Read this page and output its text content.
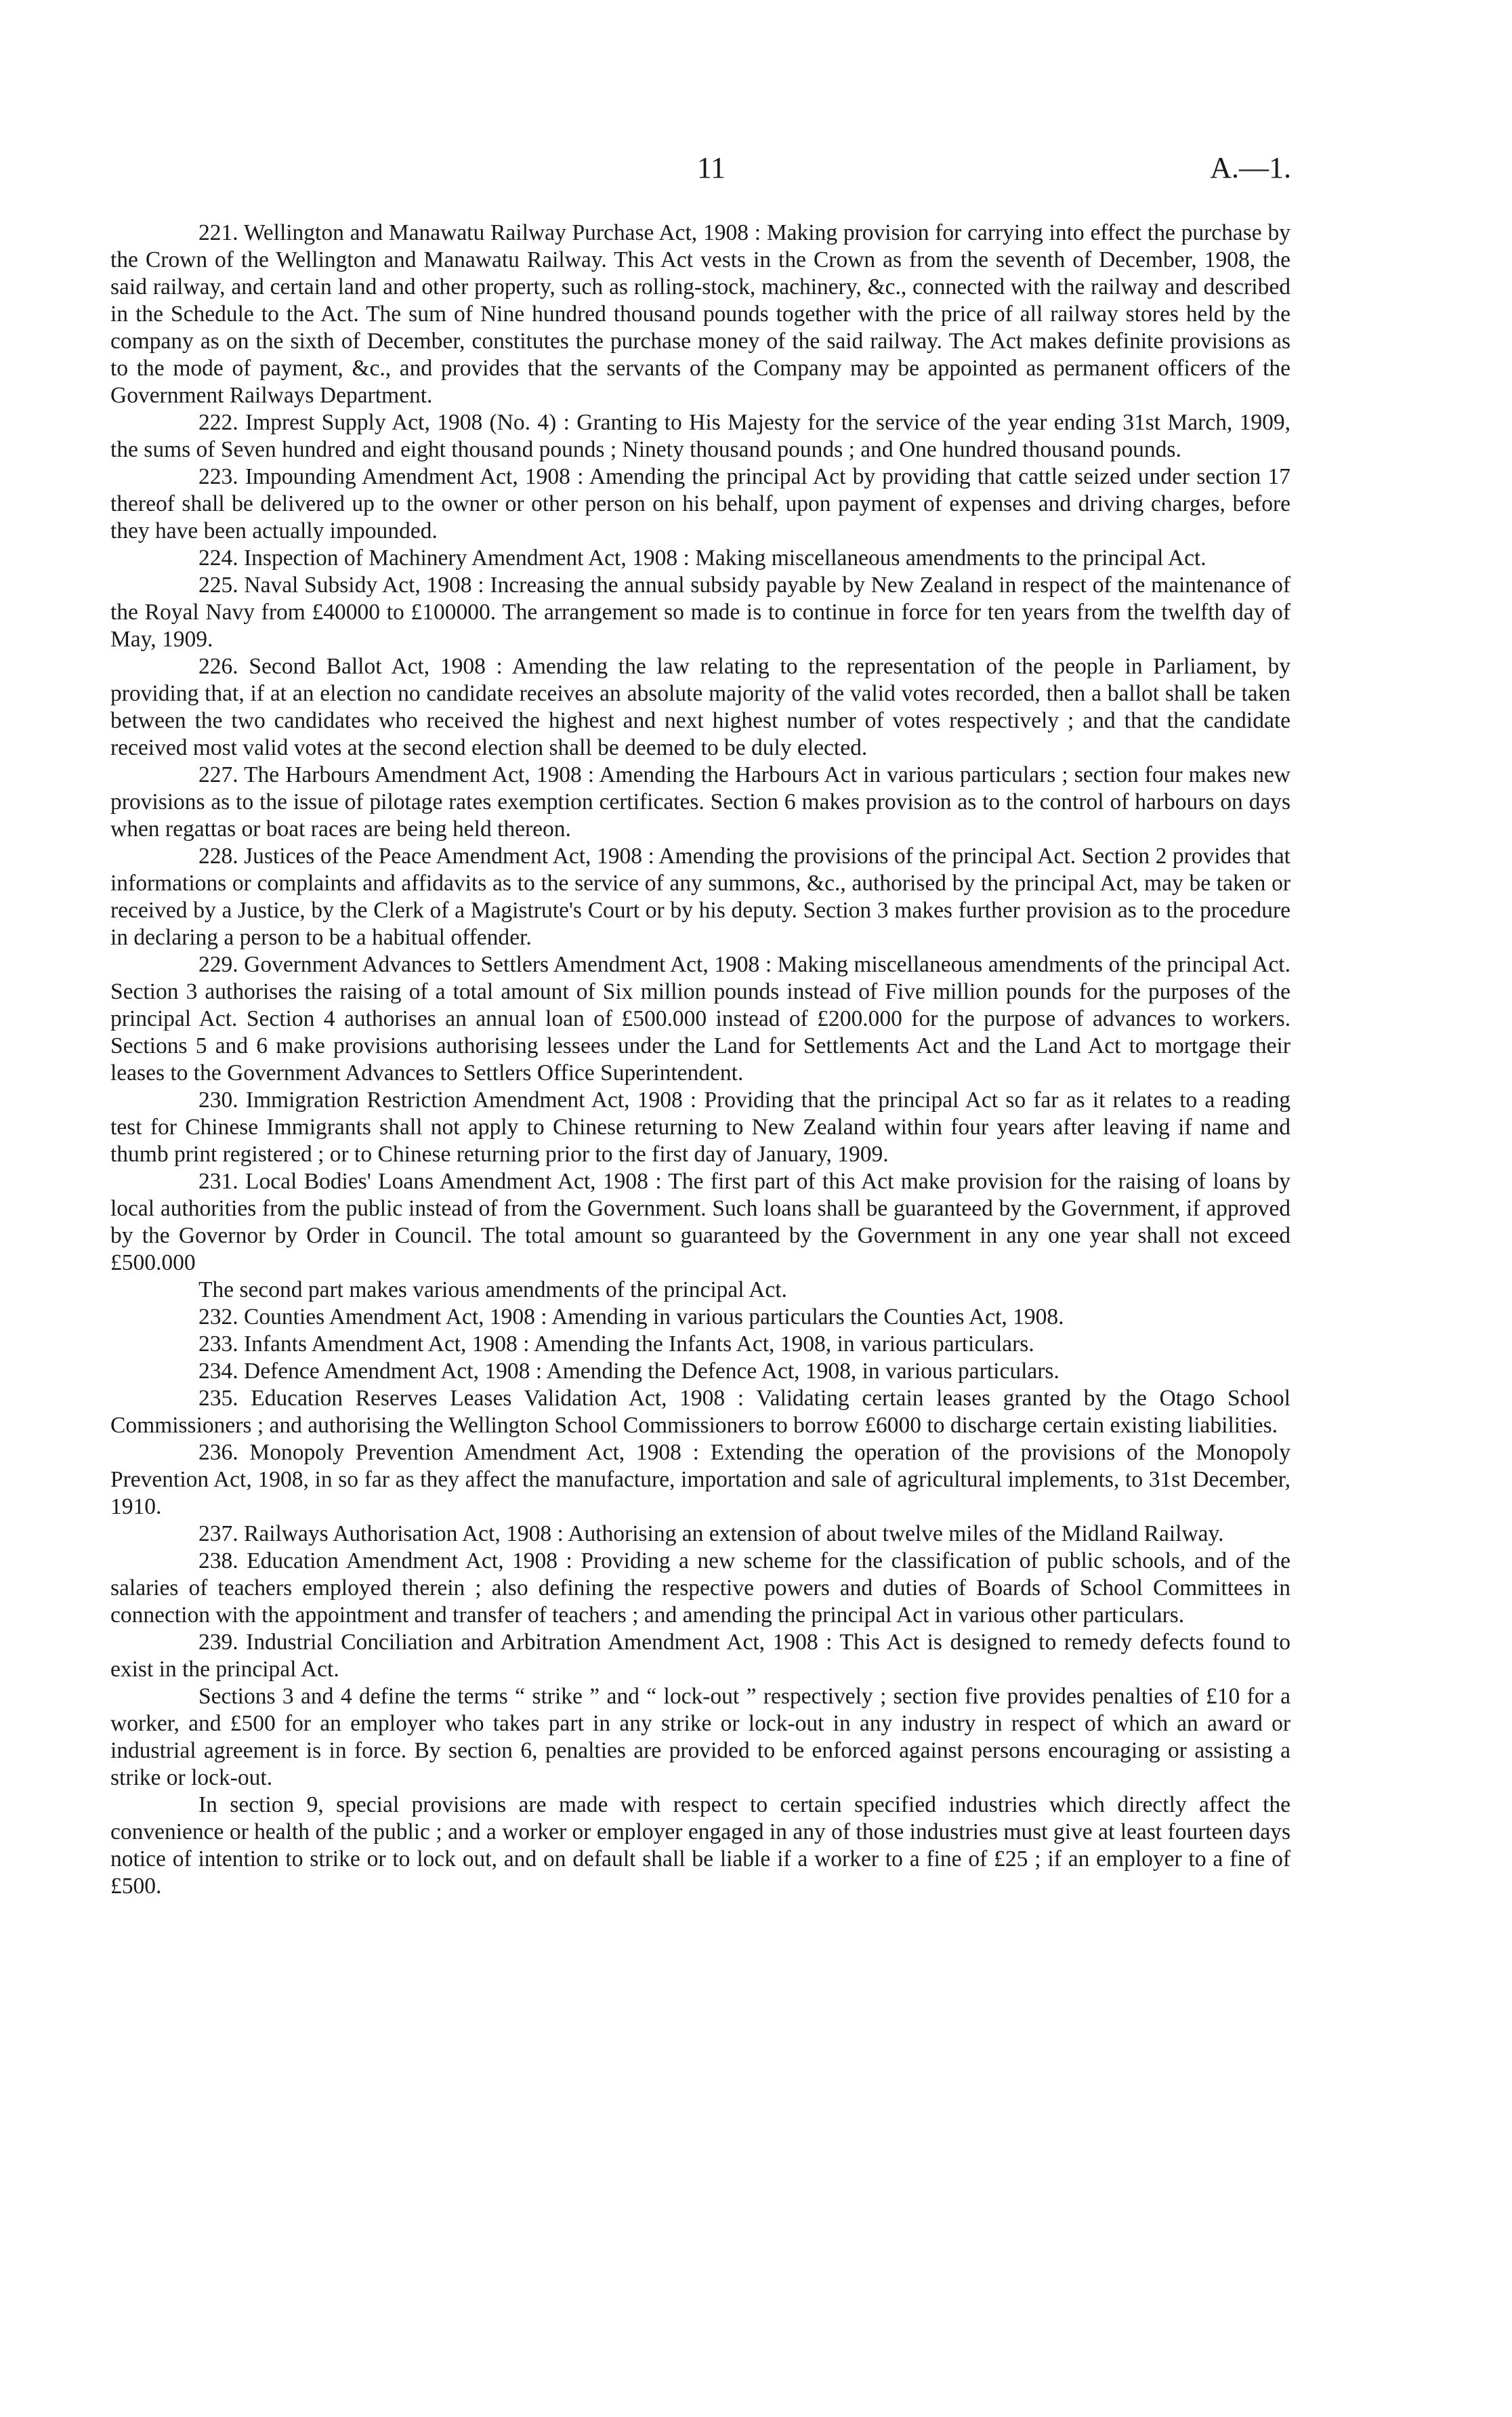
11	A.—1.

221. Wellington and Manawatu Railway Purchase Act, 1908 : Making provision for carrying into effect the purchase by the Crown of the Wellington and Manawatu Railway. This Act vests in the Crown as from the seventh of December, 1908, the said railway, and certain land and other property, such as rolling-stock, machinery, &c., connected with the railway and described in the Schedule to the Act. The sum of Nine hundred thousand pounds together with the price of all railway stores held by the company as on the sixth of December, constitutes the purchase money of the said railway. The Act makes definite provisions as to the mode of payment, &c., and provides that the servants of the Company may be appointed as permanent officers of the Government Railways Department.

222. Imprest Supply Act, 1908 (No. 4) : Granting to His Majesty for the service of the year ending 31st March, 1909, the sums of Seven hundred and eight thousand pounds ; Ninety thousand pounds ; and One hundred thousand pounds.

223. Impounding Amendment Act, 1908 : Amending the principal Act by providing that cattle seized under section 17 thereof shall be delivered up to the owner or other person on his behalf, upon payment of expenses and driving charges, before they have been actually impounded.

224. Inspection of Machinery Amendment Act, 1908 : Making miscellaneous amendments to the principal Act.

225. Naval Subsidy Act, 1908 : Increasing the annual subsidy payable by New Zealand in respect of the maintenance of the Royal Navy from £40000 to £100000. The arrangement so made is to continue in force for ten years from the twelfth day of May, 1909.

226. Second Ballot Act, 1908 : Amending the law relating to the representation of the people in Parliament, by providing that, if at an election no candidate receives an absolute majority of the valid votes recorded, then a ballot shall be taken between the two candidates who received the highest and next highest number of votes respectively ; and that the candidate received most valid votes at the second election shall be deemed to be duly elected.

227. The Harbours Amendment Act, 1908 : Amending the Harbours Act in various particulars ; section four makes new provisions as to the issue of pilotage rates exemption certificates. Section 6 makes provision as to the control of harbours on days when regattas or boat races are being held thereon.

228. Justices of the Peace Amendment Act, 1908 : Amending the provisions of the principal Act. Section 2 provides that informations or complaints and affidavits as to the service of any summons, &c., authorised by the principal Act, may be taken or received by a Justice, by the Clerk of a Magistrute's Court or by his deputy. Section 3 makes further provision as to the procedure in declaring a person to be a habitual offender.

229. Government Advances to Settlers Amendment Act, 1908 : Making miscellaneous amendments of the principal Act. Section 3 authorises the raising of a total amount of Six million pounds instead of Five million pounds for the purposes of the principal Act. Section 4 authorises an annual loan of £500.000 instead of £200.000 for the purpose of advances to workers. Sections 5 and 6 make provisions authorising lessees under the Land for Settlements Act and the Land Act to mortgage their leases to the Government Advances to Settlers Office Superintendent.

230. Immigration Restriction Amendment Act, 1908 : Providing that the principal Act so far as it relates to a reading test for Chinese Immigrants shall not apply to Chinese returning to New Zealand within four years after leaving if name and thumb print registered ; or to Chinese returning prior to the first day of January, 1909.

231. Local Bodies' Loans Amendment Act, 1908 : The first part of this Act make provision for the raising of loans by local authorities from the public instead of from the Government. Such loans shall be guaranteed by the Government, if approved by the Governor by Order in Council. The total amount so guaranteed by the Government in any one year shall not exceed £500.000

The second part makes various amendments of the principal Act.

232. Counties Amendment Act, 1908 : Amending in various particulars the Counties Act, 1908.

233. Infants Amendment Act, 1908 : Amending the Infants Act, 1908, in various particulars.

234. Defence Amendment Act, 1908 : Amending the Defence Act, 1908, in various particulars.

235. Education Reserves Leases Validation Act, 1908 : Validating certain leases granted by the Otago School Commissioners ; and authorising the Wellington School Commissioners to borrow £6000 to discharge certain existing liabilities.

236. Monopoly Prevention Amendment Act, 1908 : Extending the operation of the provisions of the Monopoly Prevention Act, 1908, in so far as they affect the manufacture, importation and sale of agricultural implements, to 31st December, 1910.

237. Railways Authorisation Act, 1908 : Authorising an extension of about twelve miles of the Midland Railway.

238. Education Amendment Act, 1908 : Providing a new scheme for the classification of public schools, and of the salaries of teachers employed therein ; also defining the respective powers and duties of Boards of School Committees in connection with the appointment and transfer of teachers ; and amending the principal Act in various other particulars.

239. Industrial Conciliation and Arbitration Amendment Act, 1908 : This Act is designed to remedy defects found to exist in the principal Act.

Sections 3 and 4 define the terms “ strike ” and “ lock-out ” respectively ; section five provides penalties of £10 for a worker, and £500 for an employer who takes part in any strike or lock-out in any industry in respect of which an award or industrial agreement is in force. By section 6, penalties are provided to be enforced against persons encouraging or assisting a strike or lock-out.

In section 9, special provisions are made with respect to certain specified industries which directly affect the convenience or health of the public ; and a worker or employer engaged in any of those industries must give at least fourteen days notice of intention to strike or to lock out, and on default shall be liable if a worker to a fine of £25 ; if an employer to a fine of £500.
